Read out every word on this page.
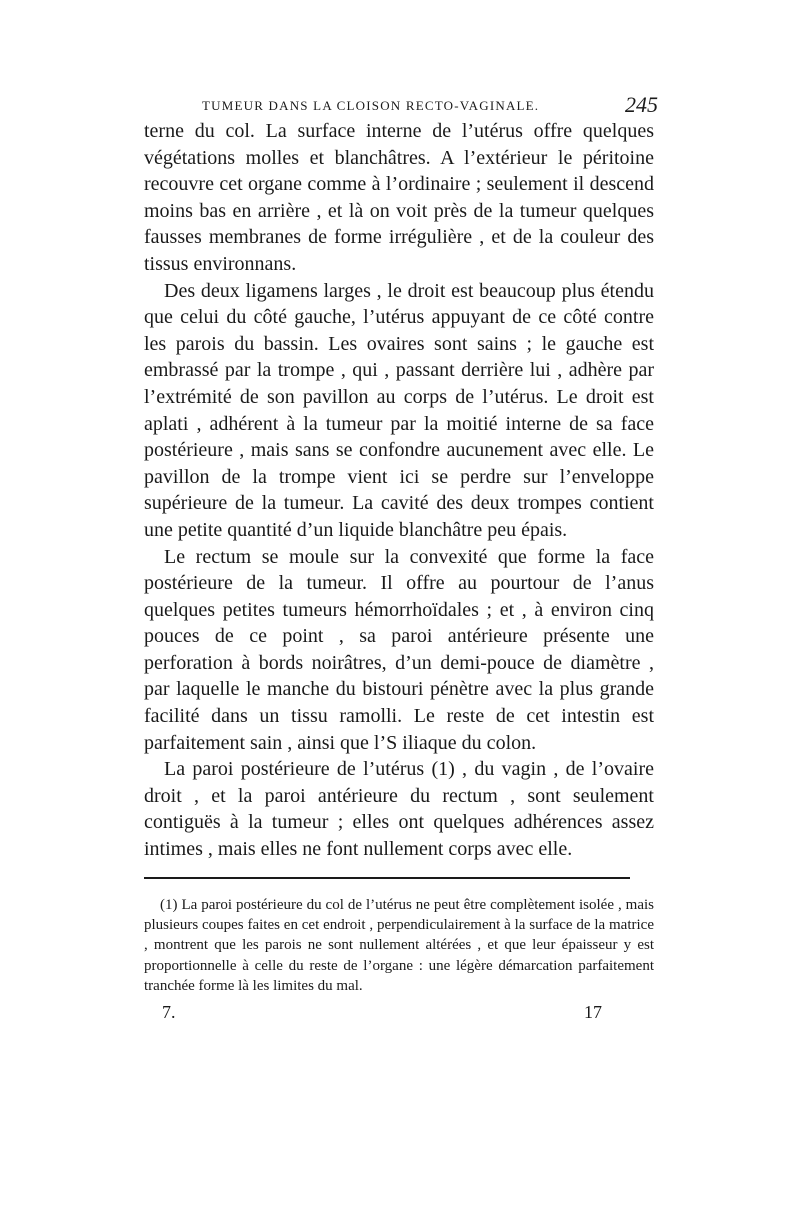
TUMEUR DANS LA CLOISON RECTO-VAGINALE.	245

terne du col. La surface interne de l’utérus offre quelques végétations molles et blanchâtres. A l’extérieur le péritoine recouvre cet organe comme à l’ordinaire ; seulement il descend moins bas en arrière , et là on voit près de la tumeur quelques fausses membranes de forme irrégulière , et de la couleur des tissus environnans.

Des deux ligamens larges , le droit est beaucoup plus étendu que celui du côté gauche, l’utérus appuyant de ce côté contre les parois du bassin. Les ovaires sont sains ; le gauche est embrassé par la trompe , qui , passant derrière lui , adhère par l’extrémité de son pavillon au corps de l’utérus. Le droit est aplati , adhérent à la tumeur par la moitié interne de sa face postérieure , mais sans se confondre aucunement avec elle. Le pavillon de la trompe vient ici se perdre sur l’enveloppe supérieure de la tumeur. La cavité des deux trompes contient une petite quantité d’un liquide blanchâtre peu épais.

Le rectum se moule sur la convexité que forme la face postérieure de la tumeur. Il offre au pourtour de l’anus quelques petites tumeurs hémorrhoïdales ; et , à environ cinq pouces de ce point , sa paroi antérieure présente une perforation à bords noirâtres, d’un demi-pouce de diamètre , par laquelle le manche du bistouri pénètre avec la plus grande facilité dans un tissu ramolli. Le reste de cet intestin est parfaitement sain , ainsi que l’S iliaque du colon.

La paroi postérieure de l’utérus (1) , du vagin , de l’ovaire droit , et la paroi antérieure du rectum , sont seulement contiguës à la tumeur ; elles ont quelques adhérences assez intimes , mais elles ne font nullement corps avec elle.

(1) La paroi postérieure du col de l’utérus ne peut être complètement isolée , mais plusieurs coupes faites en cet endroit , perpendiculairement à la surface de la matrice , montrent que les parois ne sont nullement altérées , et que leur épaisseur y est proportionnelle à celle du reste de l’organe : une légère démarcation parfaitement tranchée forme là les limites du mal.

7.	17
